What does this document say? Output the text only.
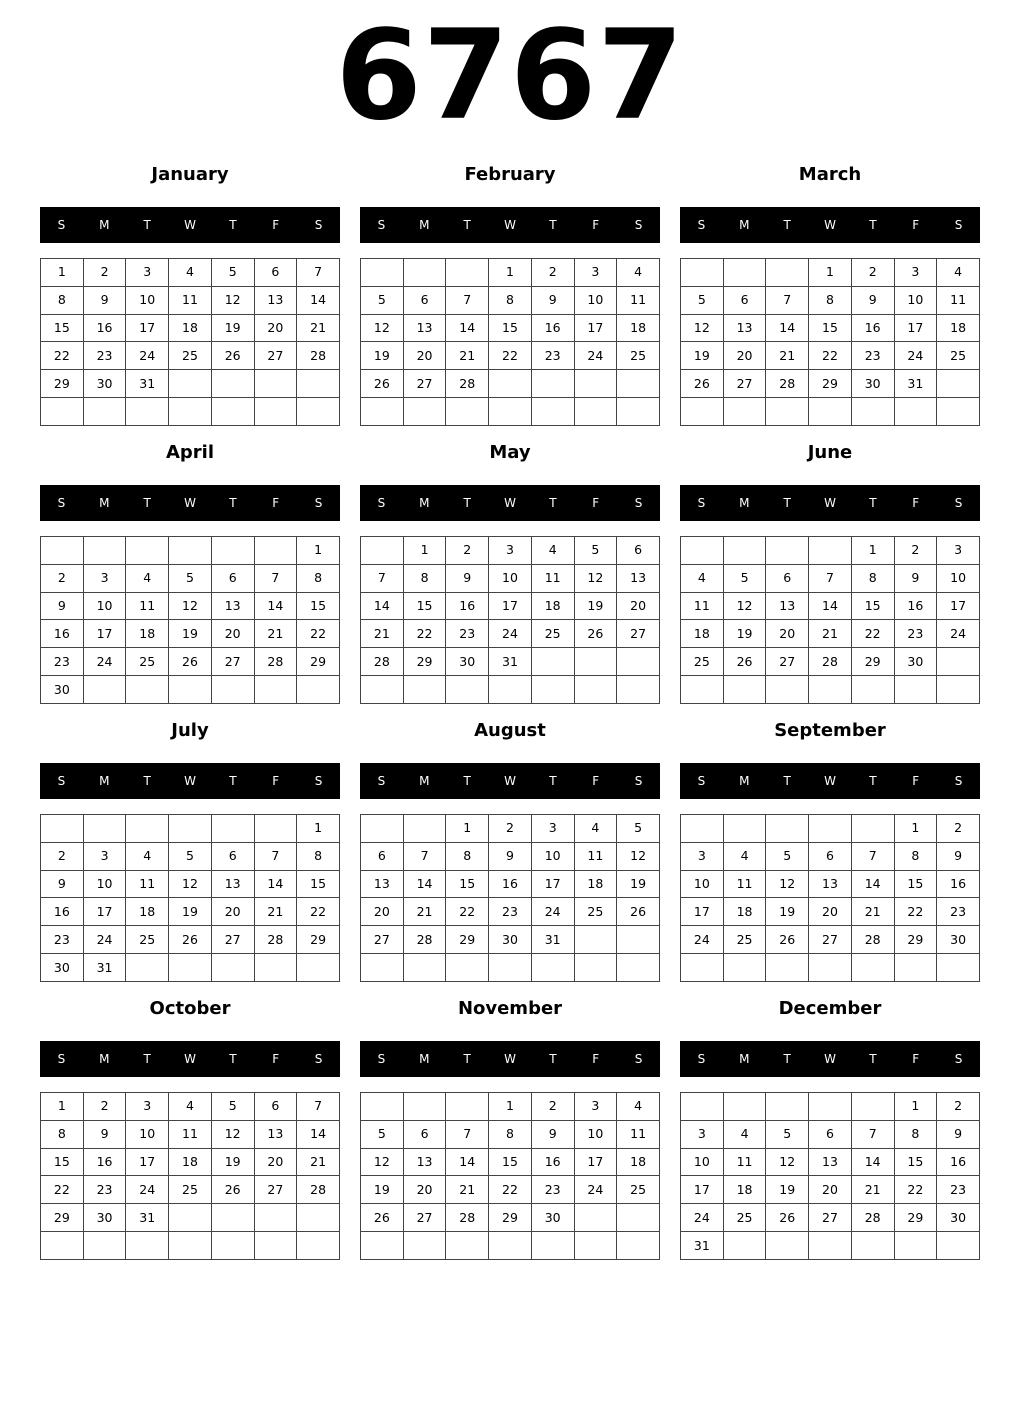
6767
January
S	M	T	W	T	F	S
1	2	3	4	5	6	7
8	9	10	11	12	13	14
15	16	17	18	19	20	21
22	23	24	25	26	27	28
29	30	31				

February
S	M	T	W	T	F	S
			1	2	3	4
5	6	7	8	9	10	11
12	13	14	15	16	17	18
19	20	21	22	23	24	25
26	27	28				

March
S	M	T	W	T	F	S
			1	2	3	4
5	6	7	8	9	10	11
12	13	14	15	16	17	18
19	20	21	22	23	24	25
26	27	28	29	30	31	

April
S	M	T	W	T	F	S
						1
2	3	4	5	6	7	8
9	10	11	12	13	14	15
16	17	18	19	20	21	22
23	24	25	26	27	28	29
30						
May
S	M	T	W	T	F	S
	1	2	3	4	5	6
7	8	9	10	11	12	13
14	15	16	17	18	19	20
21	22	23	24	25	26	27
28	29	30	31			

June
S	M	T	W	T	F	S
				1	2	3
4	5	6	7	8	9	10
11	12	13	14	15	16	17
18	19	20	21	22	23	24
25	26	27	28	29	30	

July
S	M	T	W	T	F	S
						1
2	3	4	5	6	7	8
9	10	11	12	13	14	15
16	17	18	19	20	21	22
23	24	25	26	27	28	29
30	31					
August
S	M	T	W	T	F	S
		1	2	3	4	5
6	7	8	9	10	11	12
13	14	15	16	17	18	19
20	21	22	23	24	25	26
27	28	29	30	31		

September
S	M	T	W	T	F	S
					1	2
3	4	5	6	7	8	9
10	11	12	13	14	15	16
17	18	19	20	21	22	23
24	25	26	27	28	29	30

October
S	M	T	W	T	F	S
1	2	3	4	5	6	7
8	9	10	11	12	13	14
15	16	17	18	19	20	21
22	23	24	25	26	27	28
29	30	31				

November
S	M	T	W	T	F	S
			1	2	3	4
5	6	7	8	9	10	11
12	13	14	15	16	17	18
19	20	21	22	23	24	25
26	27	28	29	30		

December
S	M	T	W	T	F	S
					1	2
3	4	5	6	7	8	9
10	11	12	13	14	15	16
17	18	19	20	21	22	23
24	25	26	27	28	29	30
31						
